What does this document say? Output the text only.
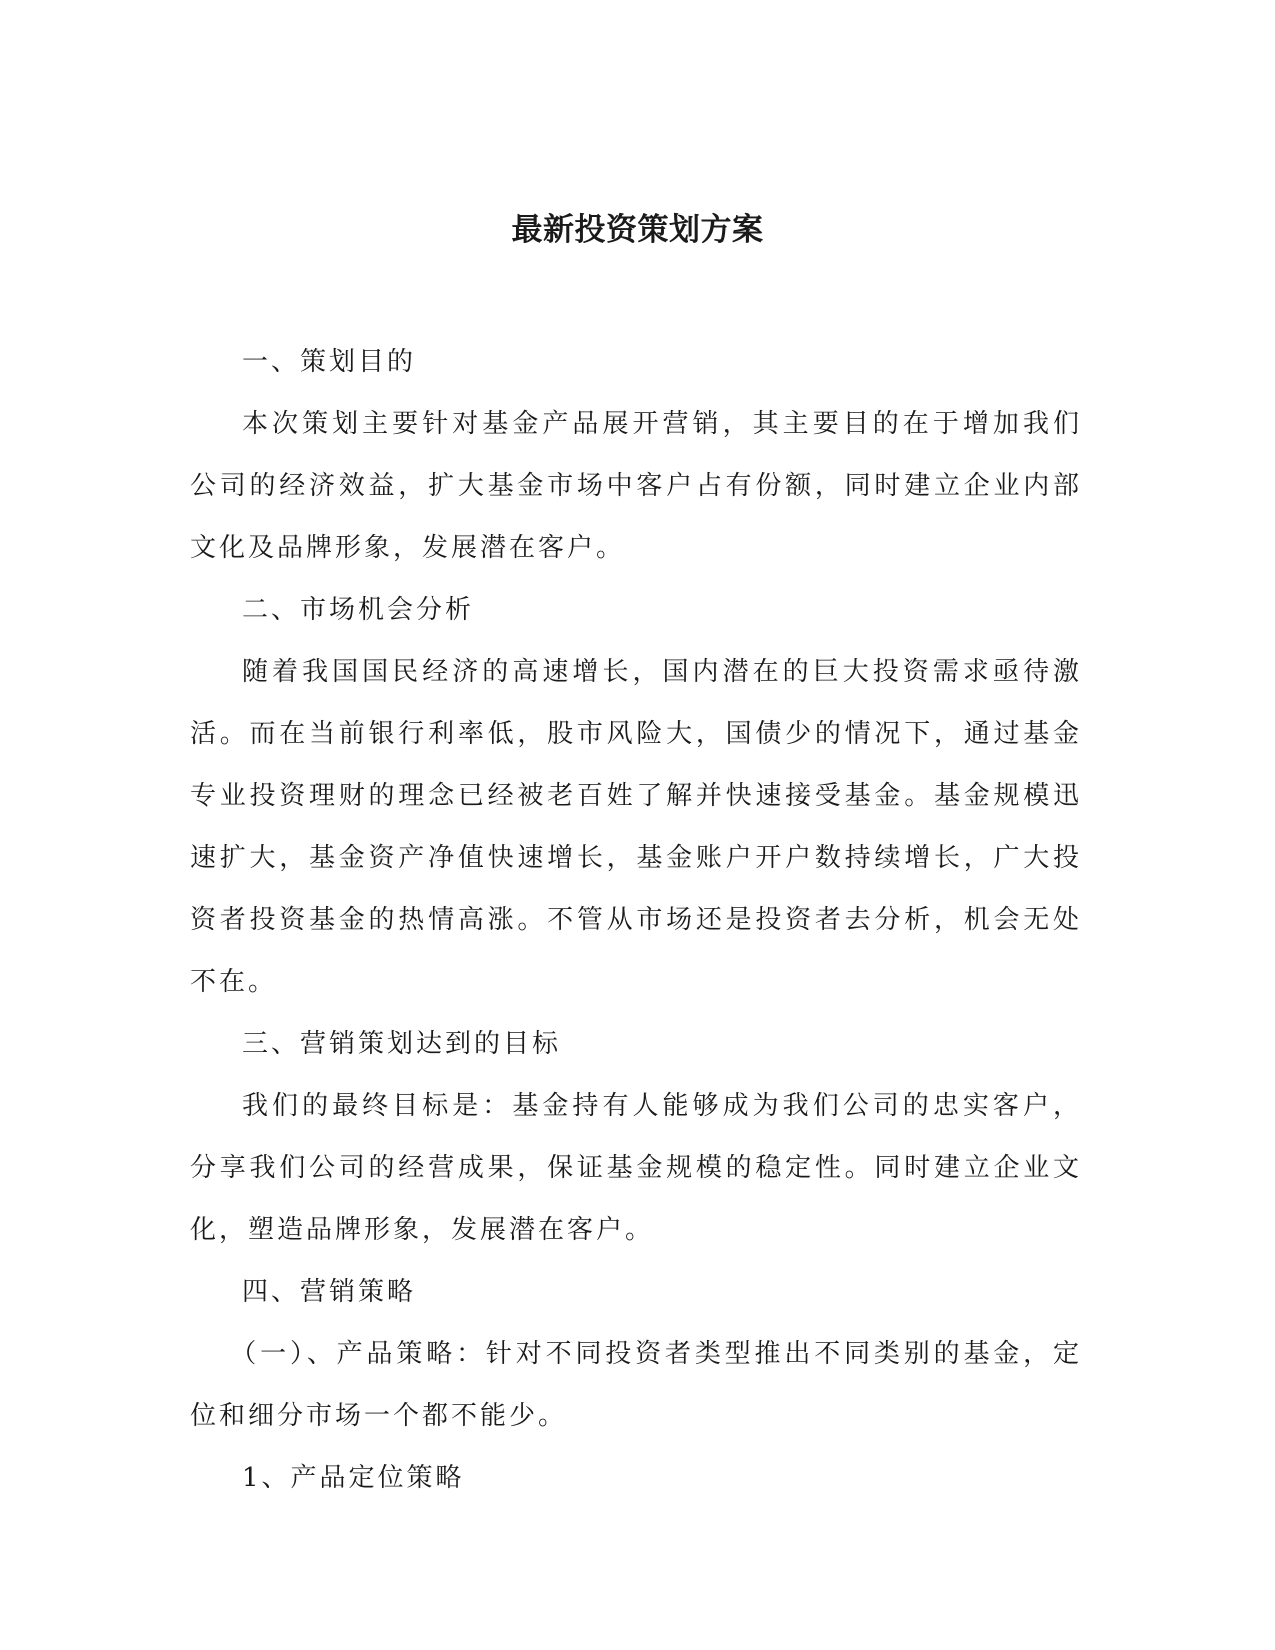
最新投资策划方案

一、策划目的

本次策划主要针对基金产品展开营销，其主要目的在于增加我们公司的经济效益，扩大基金市场中客户占有份额，同时建立企业内部文化及品牌形象，发展潜在客户。

二、市场机会分析

随着我国国民经济的高速增长，国内潜在的巨大投资需求亟待激活。而在当前银行利率低，股市风险大，国债少的情况下，通过基金专业投资理财的理念已经被老百姓了解并快速接受基金。基金规模迅速扩大，基金资产净值快速增长，基金账户开户数持续增长，广大投资者投资基金的热情高涨。不管从市场还是投资者去分析，机会无处不在。

三、营销策划达到的目标

我们的最终目标是：基金持有人能够成为我们公司的忠实客户，分享我们公司的经营成果，保证基金规模的稳定性。同时建立企业文化，塑造品牌形象，发展潜在客户。

四、营销策略

（一）、产品策略：针对不同投资者类型推出不同类别的基金，定位和细分市场一个都不能少。

1、产品定位策略
